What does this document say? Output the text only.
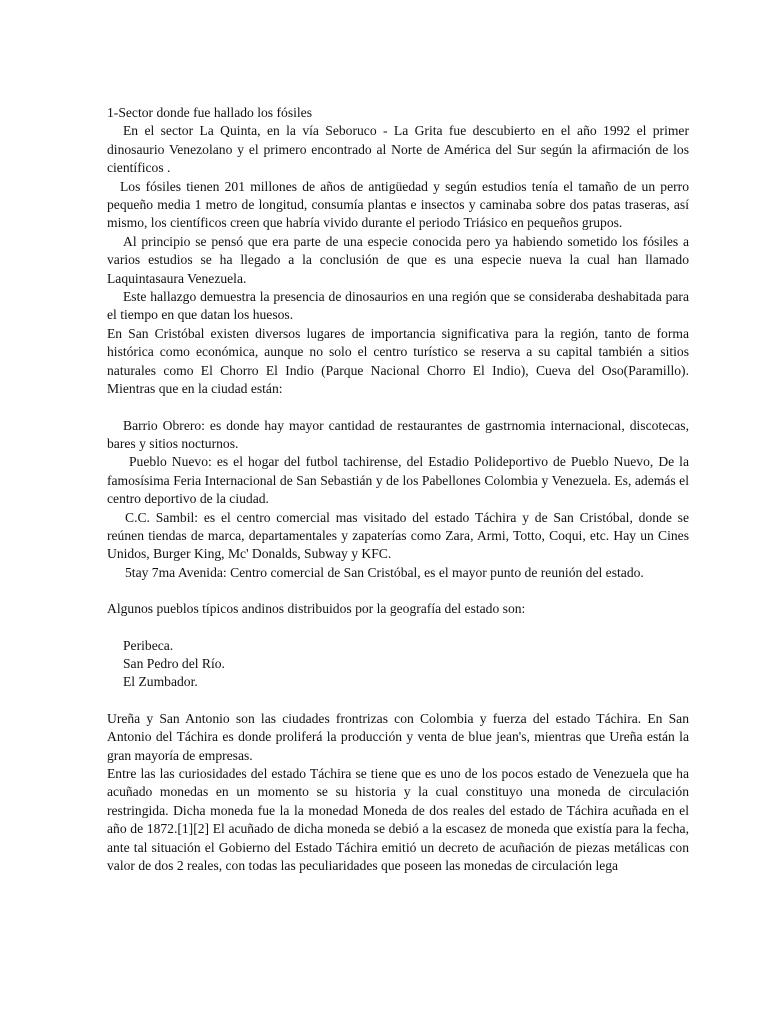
1-Sector donde fue hallado los fósiles

En el sector La Quinta, en la vía Seboruco - La Grita fue descubierto en el año 1992 el primer dinosaurio Venezolano y el primero encontrado al Norte de América del Sur según la afirmación de los científicos .

Los fósiles tienen 201 millones de años de antigüedad y según estudios tenía el tamaño de un perro pequeño media 1 metro de longitud, consumía plantas e insectos y caminaba sobre dos patas traseras, así mismo, los científicos creen que habría vivido durante el periodo Triásico en pequeños grupos.

Al principio se pensó que era parte de una especie conocida pero ya habiendo sometido los fósiles a varios estudios se ha llegado a la conclusión de que es una especie nueva la cual han llamado Laquintasaura Venezuela.

Este hallazgo demuestra la presencia de dinosaurios en una región que se consideraba deshabitada para el tiempo en que datan los huesos.

En San Cristóbal existen diversos lugares de importancia significativa para la región, tanto de forma histórica como económica, aunque no solo el centro turístico se reserva a su capital también a sitios naturales como El Chorro El Indio (Parque Nacional Chorro El Indio), Cueva del Oso(Paramillo). Mientras que en la ciudad están:

Barrio Obrero: es donde hay mayor cantidad de restaurantes de gastrnomia internacional, discotecas, bares y sitios nocturnos.

Pueblo Nuevo: es el hogar del futbol tachirense, del Estadio Polideportivo de Pueblo Nuevo, De la famosísima Feria Internacional de San Sebastián y de los Pabellones Colombia y Venezuela. Es, además el centro deportivo de la ciudad.

C.C. Sambil: es el centro comercial mas visitado del estado Táchira y de San Cristóbal, donde se reúnen tiendas de marca, departamentales y zapaterías como Zara, Armi, Totto, Coqui, etc. Hay un Cines Unidos, Burger King, Mc' Donalds, Subway y KFC.

5tay 7ma Avenida: Centro comercial de San Cristóbal, es el mayor punto de reunión del estado.

Algunos pueblos típicos andinos distribuidos por la geografía del estado son:

Peribeca.

San Pedro del Río.

El Zumbador.

Ureña y San Antonio son las ciudades frontrizas con Colombia y fuerza del estado Táchira. En San Antonio del Táchira es donde proliferá la producción y venta de blue jean's, mientras que Ureña están la gran mayoría de empresas.

Entre las las curiosidades del estado Táchira se tiene que es uno de los pocos estado de Venezuela que ha acuñado monedas en un momento se su historia y la cual constituyo una moneda de circulación restringida. Dicha moneda fue la la monedad Moneda de dos reales del estado de Táchira acuñada en el año de 1872.[1][2] El acuñado de dicha moneda se debió a la escasez de moneda que existía para la fecha, ante tal situación el Gobierno del Estado Táchira emitió un decreto de acuñación de piezas metálicas con valor de dos 2 reales, con todas las peculiaridades que poseen las monedas de circulación lega
